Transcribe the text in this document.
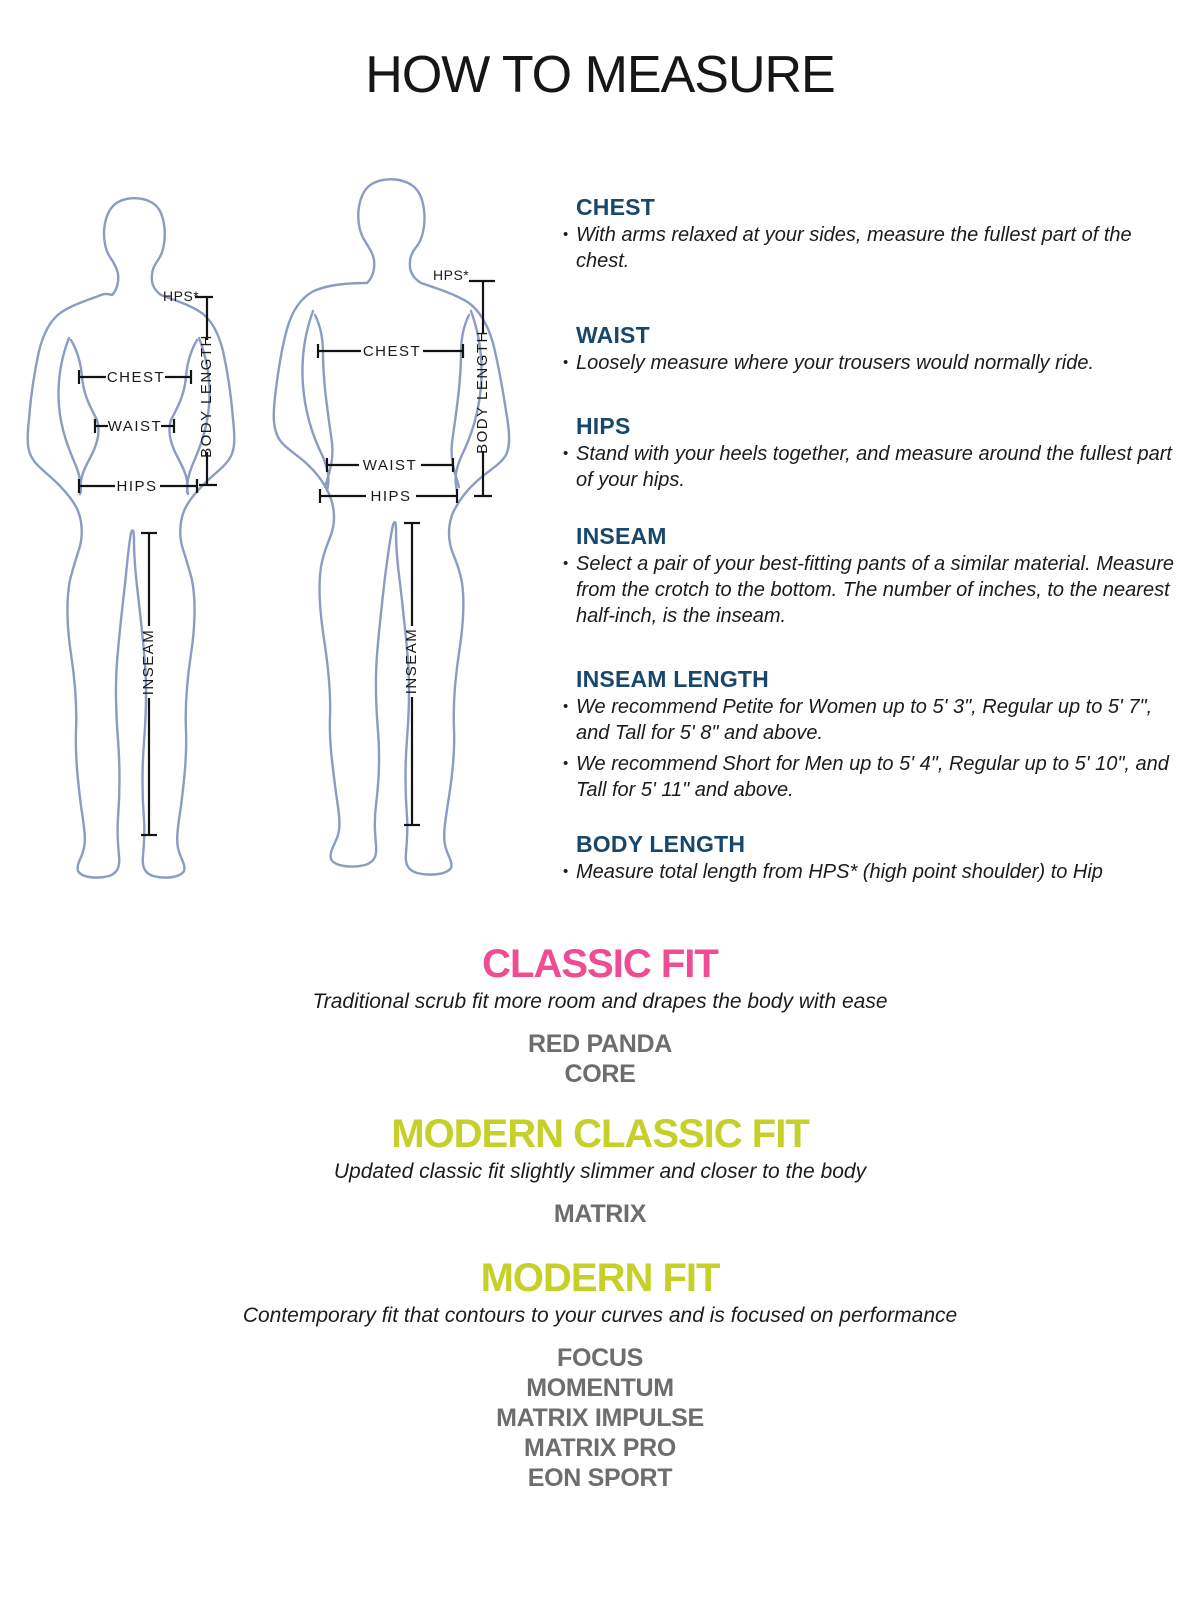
HOW TO MEASURE
HPS*
BODY LENGTH
CHEST
WAIST
HIPS
INSEAM
HPS*
BODY LENGTH
CHEST
WAIST
HIPS
INSEAM
CHEST
• With arms relaxed at your sides, measure the fullest part of the chest.
WAIST
• Loosely measure where your trousers would normally ride.
HIPS
• Stand with your heels together, and measure around the fullest part of your hips.
INSEAM
• Select a pair of your best-fitting pants of a similar material. Measure from the crotch to the bottom. The number of inches, to the nearest half-inch, is the inseam.
INSEAM LENGTH
• We recommend Petite for Women up to 5' 3", Regular up to 5' 7", and Tall for 5' 8" and above.
• We recommend Short for Men up to 5' 4", Regular up to 5' 10", and Tall for 5' 11" and above.
BODY LENGTH
• Measure total length from HPS* (high point shoulder) to Hip
CLASSIC FIT
Traditional scrub fit more room and drapes the body with ease
RED PANDA
CORE
MODERN CLASSIC FIT
Updated classic fit slightly slimmer and closer to the body
MATRIX
MODERN FIT
Contemporary fit that contours to your curves and is focused on performance
FOCUS
MOMENTUM
MATRIX IMPULSE
MATRIX PRO
EON SPORT
